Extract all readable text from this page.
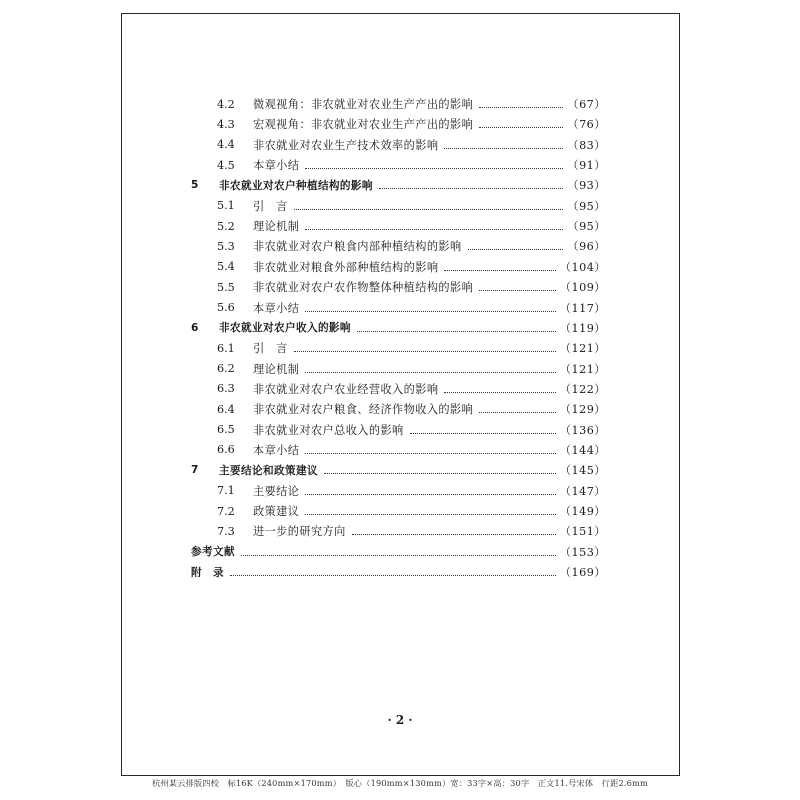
4.2	微观视角：非农就业对农业生产产出的影响	（67）
4.3	宏观视角：非农就业对农业生产产出的影响	（76）
4.4	非农就业对农业生产技术效率的影响	（83）
4.5	本章小结	（91）
5	非农就业对农户种植结构的影响	（93）
5.1	引　言	（95）
5.2	理论机制	（95）
5.3	非农就业对农户粮食内部种植结构的影响	（96）
5.4	非农就业对粮食外部种植结构的影响	（104）
5.5	非农就业对农户农作物整体种植结构的影响	（109）
5.6	本章小结	（117）
6	非农就业对农户收入的影响	（119）
6.1	引　言	（121）
6.2	理论机制	（121）
6.3	非农就业对农户农业经营收入的影响	（122）
6.4	非农就业对农户粮食、经济作物收入的影响	（129）
6.5	非农就业对农户总收入的影响	（136）
6.6	本章小结	（144）
7	主要结论和政策建议	（145）
7.1	主要结论	（147）
7.2	政策建议	（149）
7.3	进一步的研究方向	（151）
参考文献	（153）
附　录	（169）
· 2 ·
杭州某云排版四校　标16K（240mm×170mm）　版心（190mm×130mm）宽：33字×高：30字　正文11.号宋体　行距2.6mm
